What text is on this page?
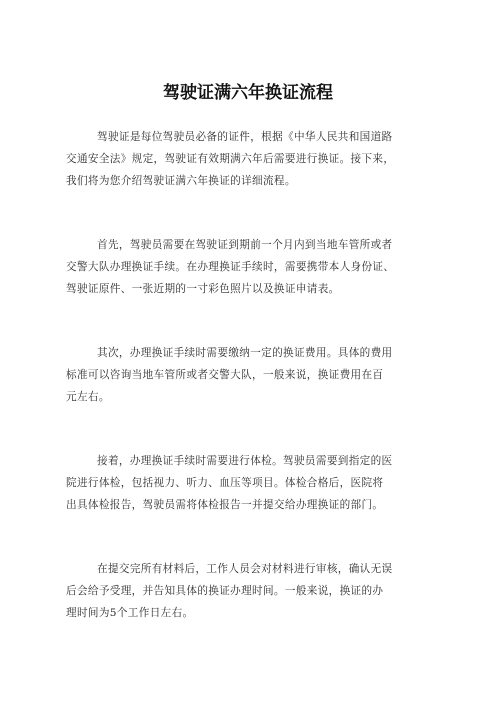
驾驶证满六年换证流程
驾驶证是每位驾驶员必备的证件，根据《中华人民共和国道路
交通安全法》规定，驾驶证有效期满六年后需要进行换证。接下来，
我们将为您介绍驾驶证满六年换证的详细流程。
首先，驾驶员需要在驾驶证到期前一个月内到当地车管所或者
交警大队办理换证手续。在办理换证手续时，需要携带本人身份证、
驾驶证原件、一张近期的一寸彩色照片以及换证申请表。
其次，办理换证手续时需要缴纳一定的换证费用。具体的费用
标准可以咨询当地车管所或者交警大队，一般来说，换证费用在百
元左右。
接着，办理换证手续时需要进行体检。驾驶员需要到指定的医
院进行体检，包括视力、听力、血压等项目。体检合格后，医院将
出具体检报告，驾驶员需将体检报告一并提交给办理换证的部门。
在提交完所有材料后，工作人员会对材料进行审核，确认无误
后会给予受理，并告知具体的换证办理时间。一般来说，换证的办
理时间为5个工作日左右。
